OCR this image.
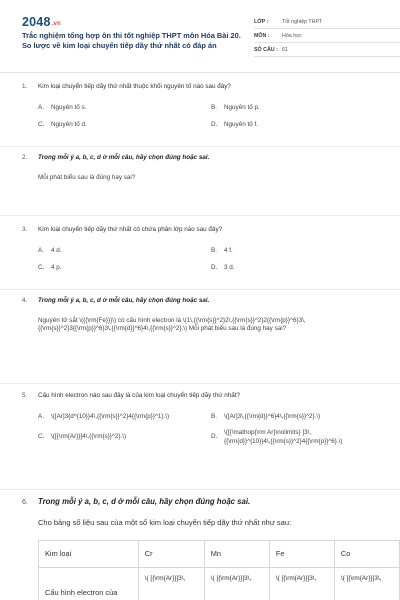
2048.vn
Trắc nghiệm tổng hợp ôn thi tốt nghiệp THPT môn Hóa Bài 20. So lược về kim loại chuyển tiếp dãy thứ nhất có đáp án
LỚP :	Tốt nghiệp THPT
MÔN :	Hóa học
SỐ CÂU : 61
1. Kim loại chuyển tiếp dãy thứ nhất thuộc khối nguyên tố nào sau đây?
A.	Nguyên tố s.	B.	Nguyên tố p.
C.	Nguyên tố d.	D.	Nguyên tố f.
2. Trong mỗi ý a, b, c, d ở mỗi câu, hãy chọn đúng hoặc sai.
Mỗi phát biểu sau là đúng hay sai?
3. Kim loại chuyển tiếp dãy thứ nhất có chứa phân lớp nào sau đây?
A.	4 d.	B.	4 f.
C.	4 p.	D.	3 d.
4. Trong mỗi ý a, b, c, d ở mỗi câu, hãy chọn đúng hoặc sai.
Nguyên tử sắt \({{\rm{Fe}}}\) có cấu hình electron là \(1\,{{\rm{s}}^2}2\,{{\rm{s}}^2}2{{\rm{p}}^6}3\,{{\rm{s}}^2}3{{\rm{p}}^6}3\,{{\rm{d}}^6}4\,{{\rm{s}}^2}.\) Mỗi phát biểu sau là đúng hay sai?
5. Cấu hình electron nào sau đây là của kim loại chuyển tiếp dãy thứ nhất?
A.	\([Ar]3{d^{10}}4\,{{\rm{s}}^2}4{{\rm{p}}^1}.\)	B.	\([Ar]3\,{{\rm{d}}^6}4\,{{\rm{s}}^2}.\)
C.	\([{\rm{Ar}}]4\,{{\rm{s}}^2}.\)	D.
\([{\mathop{\rm Ar}\nolimits} ]3\,{{\rm{d}}^{10}}4\,{{\rm{s}}^2}4{{\rm{p}}^6}.\)
6. Trong mỗi ý a, b, c, d ở mỗi câu, hãy chọn đúng hoặc sai.
Cho bảng số liệu sau của một số kim loại chuyển tiếp dãy thứ nhất như sau:
Kim loại	Cr	Mn	Fe	Co
Cấu hình electron của	\( [{\rm{Ar}}]3\,	\( [{\rm{Ar}}]3\,	\( [{\rm{Ar}}]3\,	\( [{\rm{Ar}}]3\,
